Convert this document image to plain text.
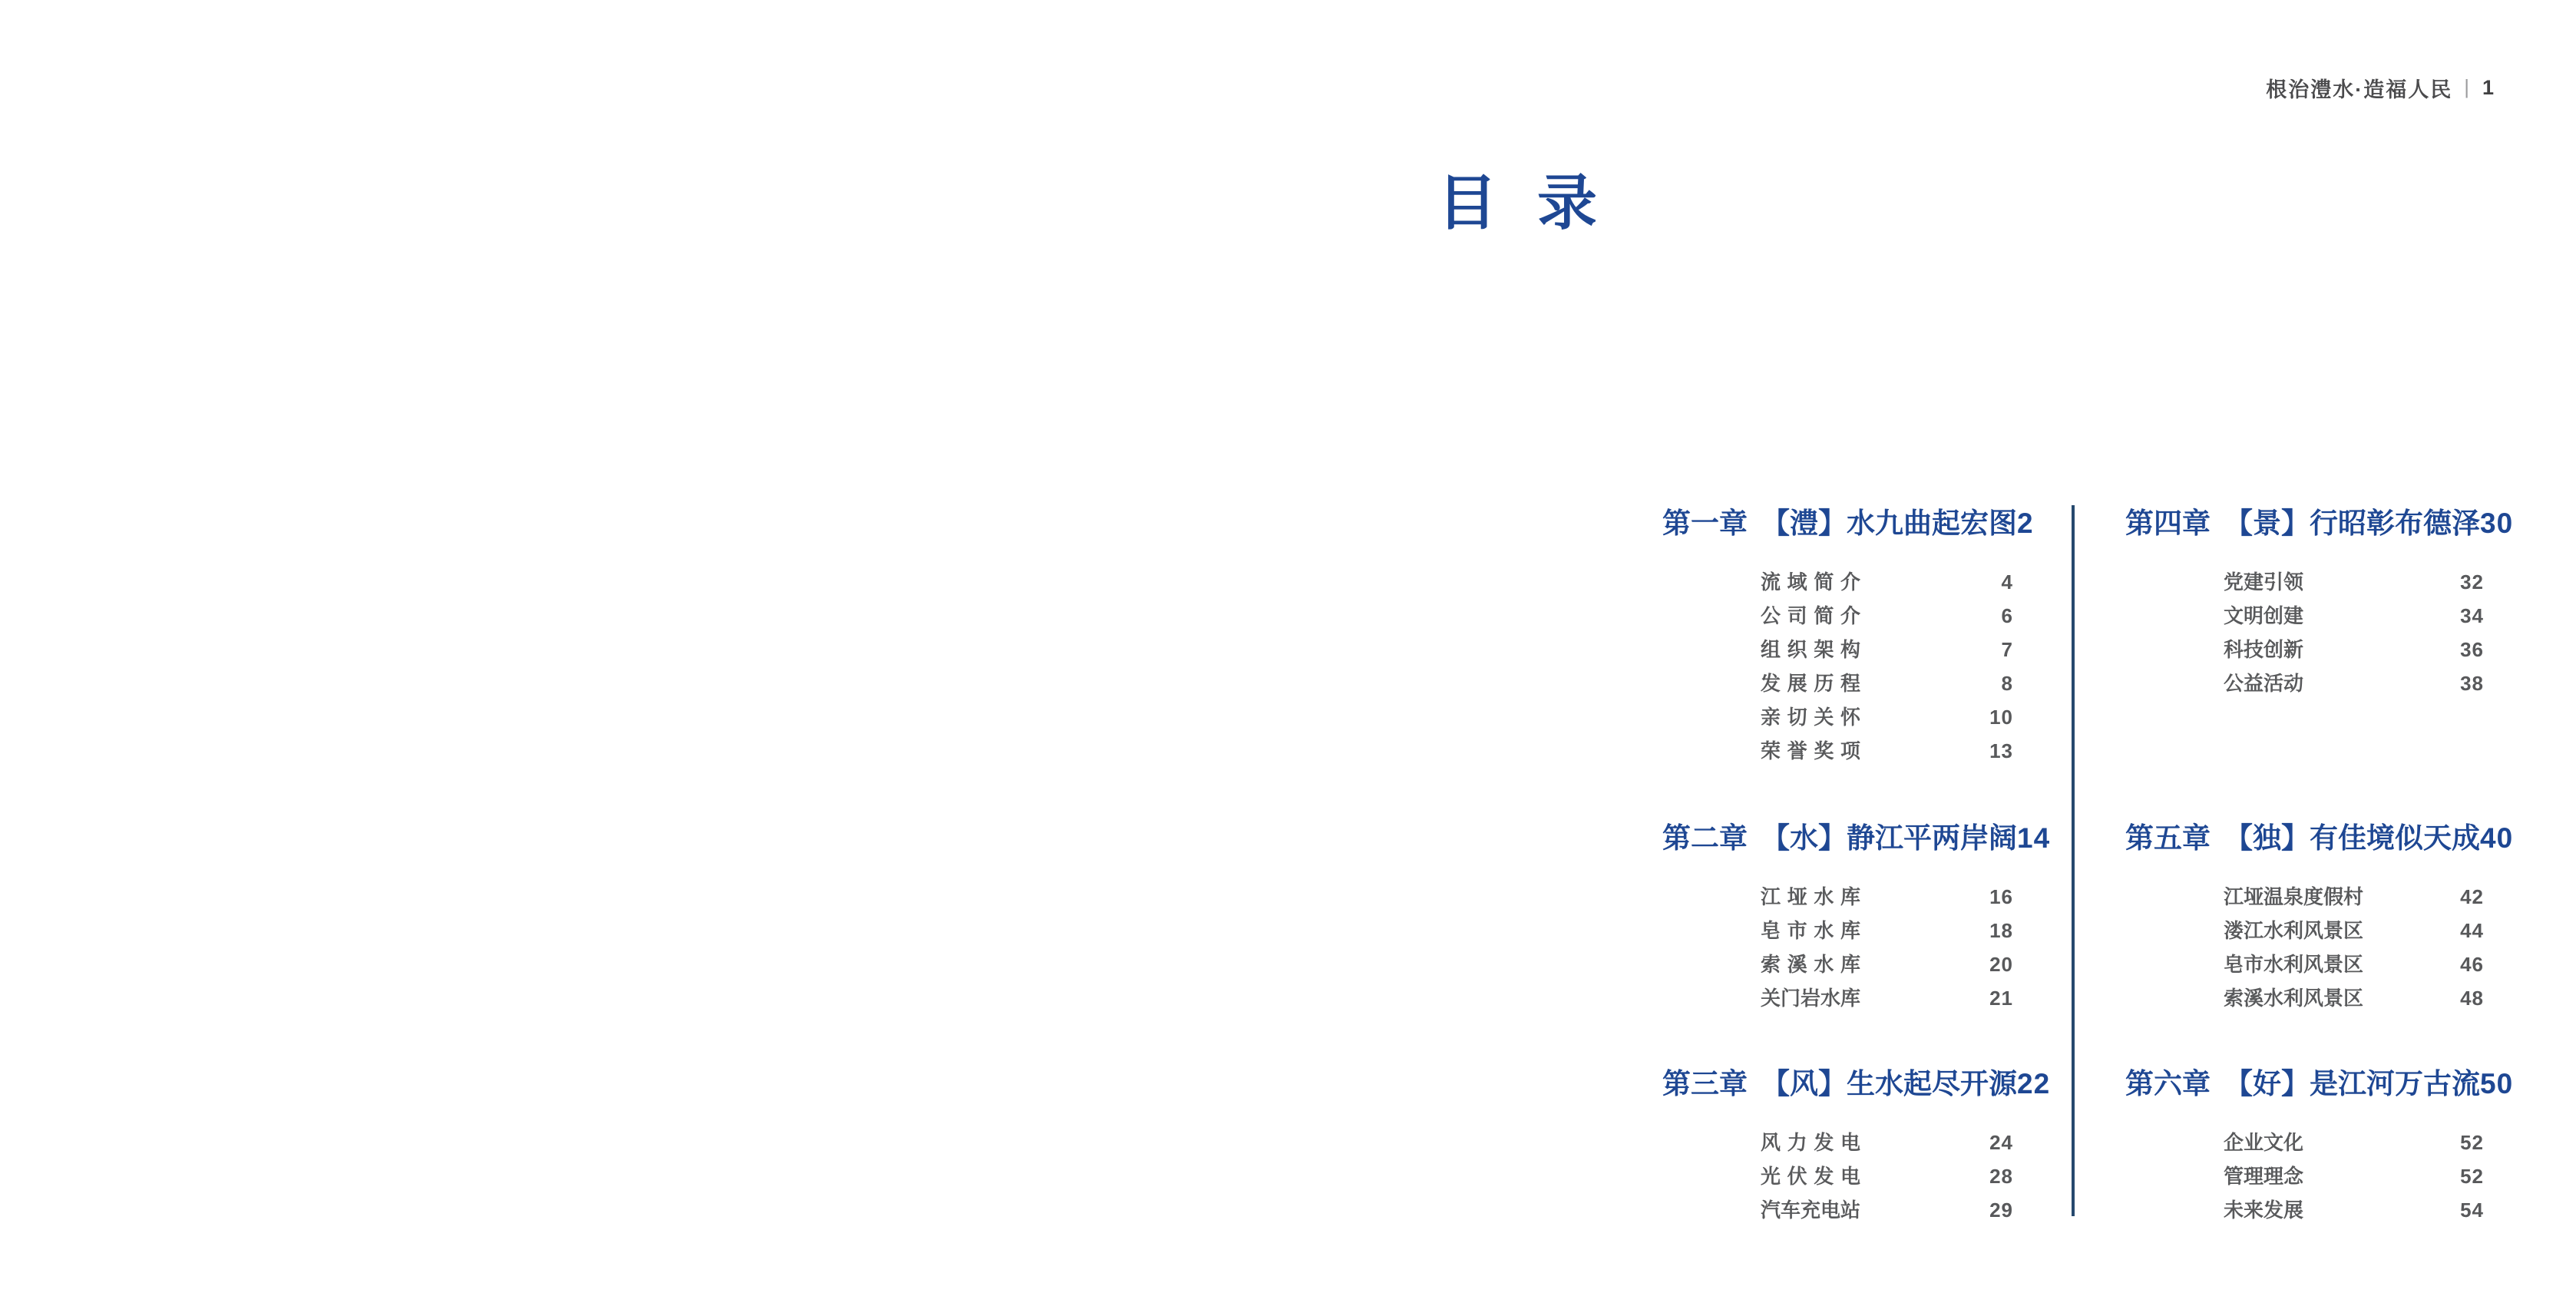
根治澧水·造福人民 | 1
目 录
第一章 【澧】水九曲起宏图 2
流域简介	4
公司简介	6
组织架构	7
发展历程	8
亲切关怀	10
荣誉奖项	13
第二章 【水】静江平两岸阔 14
江垭水库	16
皂市水库	18
索溪水库	20
关门岩水库	21
第三章 【风】生水起尽开源 22
风力发电	24
光伏发电	28
汽车充电站	29
第四章 【景】行昭彰布德泽 30
党建引领	32
文明创建	34
科技创新	36
公益活动	38
第五章 【独】有佳境似天成 40
江垭温泉度假村	42
溇江水利风景区	44
皂市水利风景区	46
索溪水利风景区	48
第六章 【好】是江河万古流 50
企业文化	52
管理理念	52
未来发展	54
